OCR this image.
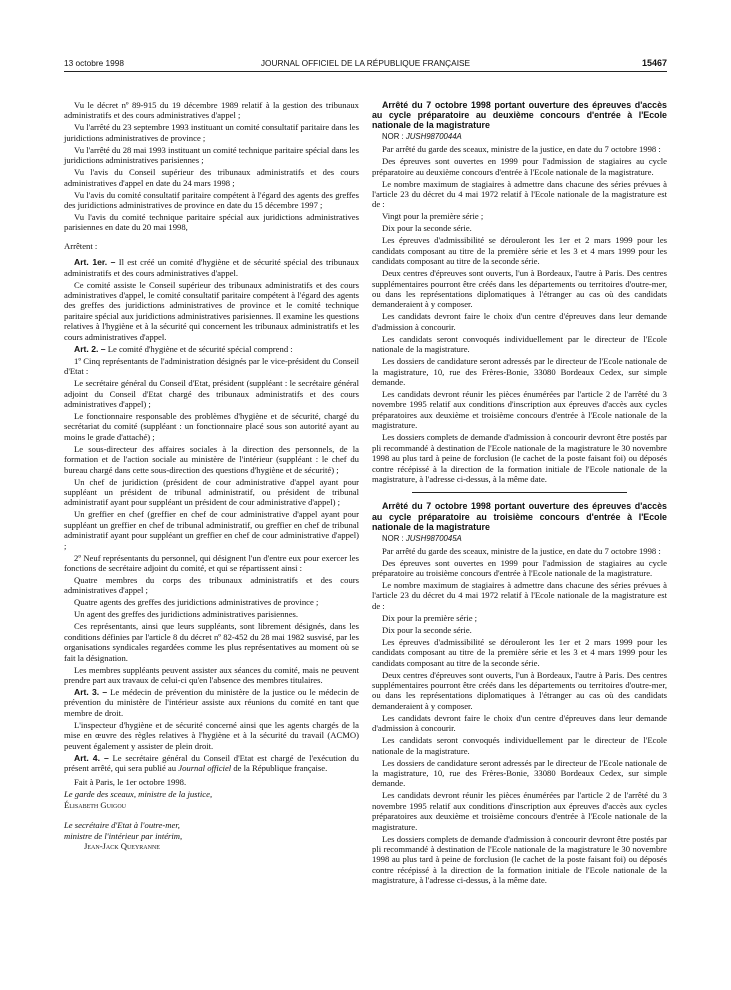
13 octobre 1998	JOURNAL OFFICIEL DE LA RÉPUBLIQUE FRANÇAISE	15467

Vu le décret nº 89-915 du 19 décembre 1989 relatif à la gestion des tribunaux administratifs et des cours administratives d'appel ;

Vu l'arrêté du 23 septembre 1993 instituant un comité consultatif paritaire dans les juridictions administratives de province ;

Vu l'arrêté du 28 mai 1993 instituant un comité technique paritaire spécial dans les juridictions administratives parisiennes ;

Vu l'avis du Conseil supérieur des tribunaux administratifs et des cours administratives d'appel en date du 24 mars 1998 ;

Vu l'avis du comité consultatif paritaire compétent à l'égard des agents des greffes des juridictions administratives de province en date du 15 décembre 1997 ;

Vu l'avis du comité technique paritaire spécial aux juridictions administratives parisiennes en date du 20 mai 1998,

Arrêtent :

Art. 1er. – Il est créé un comité d'hygiène et de sécurité spécial des tribunaux administratifs et des cours administratives d'appel.

Ce comité assiste le Conseil supérieur des tribunaux administratifs et des cours administratives d'appel, le comité consultatif paritaire compétent à l'égard des agents des greffes des juridictions administratives de province et le comité technique paritaire spécial aux juridictions administratives parisiennes. Il examine les questions relatives à l'hygiène et à la sécurité qui concernent les tribunaux administratifs et les cours administratives d'appel.

Art. 2. – Le comité d'hygiène et de sécurité spécial comprend :

1º Cinq représentants de l'administration désignés par le vice-président du Conseil d'Etat :

Le secrétaire général du Conseil d'Etat, président (suppléant : le secrétaire général adjoint du Conseil d'Etat chargé des tribunaux administratifs et des cours administratives d'appel) ;

Le fonctionnaire responsable des problèmes d'hygiène et de sécurité, chargé du secrétariat du comité (suppléant : un fonctionnaire placé sous son autorité ayant au moins le grade d'attaché) ;

Le sous-directeur des affaires sociales à la direction des personnels, de la formation et de l'action sociale au ministère de l'intérieur (suppléant : le chef du bureau chargé dans cette sous-direction des questions d'hygiène et de sécurité) ;

Un chef de juridiction (président de cour administrative d'appel ayant pour suppléant un président de tribunal administratif, ou président de tribunal administratif ayant pour suppléant un président de cour administrative d'appel) ;

Un greffier en chef (greffier en chef de cour administrative d'appel ayant pour suppléant un greffier en chef de tribunal administratif, ou greffier en chef de tribunal administratif ayant pour suppléant un greffier en chef de cour administrative d'appel) ;

2º Neuf représentants du personnel, qui désignent l'un d'entre eux pour exercer les fonctions de secrétaire adjoint du comité, et qui se répartissent ainsi :

Quatre membres du corps des tribunaux administratifs et des cours administratives d'appel ;

Quatre agents des greffes des juridictions administratives de province ;

Un agent des greffes des juridictions administratives parisiennes.

Ces représentants, ainsi que leurs suppléants, sont librement désignés, dans les conditions définies par l'article 8 du décret nº 82-452 du 28 mai 1982 susvisé, par les organisations syndicales regardées comme les plus représentatives au moment où se fait la désignation.

Les membres suppléants peuvent assister aux séances du comité, mais ne peuvent prendre part aux travaux de celui-ci qu'en l'absence des membres titulaires.

Art. 3. – Le médecin de prévention du ministère de la justice ou le médecin de prévention du ministère de l'intérieur assiste aux réunions du comité en tant que membre de droit.

L'inspecteur d'hygiène et de sécurité concerné ainsi que les agents chargés de la mise en œuvre des règles relatives à l'hygiène et à la sécurité du travail (ACMO) peuvent également y assister de plein droit.

Art. 4. – Le secrétaire général du Conseil d'Etat est chargé de l'exécution du présent arrêté, qui sera publié au Journal officiel de la République française.

Fait à Paris, le 1er octobre 1998.

Le garde des sceaux, ministre de la justice,

Élisabeth Guigou

Le secrétaire d'Etat à l'outre-mer,

ministre de l'intérieur par intérim,

Jean-Jack Queyranne

Arrêté du 7 octobre 1998 portant ouverture des épreuves d'accès au cycle préparatoire au deuxième concours d'entrée à l'Ecole nationale de la magistrature

NOR : JUSH9870044A

Par arrêté du garde des sceaux, ministre de la justice, en date du 7 octobre 1998 :

Des épreuves sont ouvertes en 1999 pour l'admission de stagiaires au cycle préparatoire au deuxième concours d'entrée à l'Ecole nationale de la magistrature.

Le nombre maximum de stagiaires à admettre dans chacune des séries prévues à l'article 23 du décret du 4 mai 1972 relatif à l'Ecole nationale de la magistrature est de :

Vingt pour la première série ;

Dix pour la seconde série.

Les épreuves d'admissibilité se dérouleront les 1er et 2 mars 1999 pour les candidats composant au titre de la première série et les 3 et 4 mars 1999 pour les candidats composant au titre de la seconde série.

Deux centres d'épreuves sont ouverts, l'un à Bordeaux, l'autre à Paris. Des centres supplémentaires pourront être créés dans les départements ou territoires d'outre-mer, ou dans les représentations diplomatiques à l'étranger au cas où des candidats demanderaient à y composer.

Les candidats devront faire le choix d'un centre d'épreuves dans leur demande d'admission à concourir.

Les candidats seront convoqués individuellement par le directeur de l'Ecole nationale de la magistrature.

Les dossiers de candidature seront adressés par le directeur de l'Ecole nationale de la magistrature, 10, rue des Frères-Bonie, 33080 Bordeaux Cedex, sur simple demande.

Les candidats devront réunir les pièces énumérées par l'article 2 de l'arrêté du 3 novembre 1995 relatif aux conditions d'inscription aux épreuves d'accès aux cycles préparatoires aux deuxième et troisième concours d'entrée à l'Ecole nationale de la magistrature.

Les dossiers complets de demande d'admission à concourir devront être postés par pli recommandé à destination de l'Ecole nationale de la magistrature le 30 novembre 1998 au plus tard à peine de forclusion (le cachet de la poste faisant foi) ou déposés contre récépissé à la direction de la formation initiale de l'Ecole nationale de la magistrature, à l'adresse ci-dessus, à la même date.

Arrêté du 7 octobre 1998 portant ouverture des épreuves d'accès au cycle préparatoire au troisième concours d'entrée à l'Ecole nationale de la magistrature

NOR : JUSH9870045A

Par arrêté du garde des sceaux, ministre de la justice, en date du 7 octobre 1998 :

Des épreuves sont ouvertes en 1999 pour l'admission de stagiaires au cycle préparatoire au troisième concours d'entrée à l'Ecole nationale de la magistrature.

Le nombre maximum de stagiaires à admettre dans chacune des séries prévues à l'article 23 du décret du 4 mai 1972 relatif à l'Ecole nationale de la magistrature est de :

Dix pour la première série ;

Dix pour la seconde série.

Les épreuves d'admissibilité se dérouleront les 1er et 2 mars 1999 pour les candidats composant au titre de la première série et les 3 et 4 mars 1999 pour les candidats composant au titre de la seconde série.

Deux centres d'épreuves sont ouverts, l'un à Bordeaux, l'autre à Paris. Des centres supplémentaires pourront être créés dans les départements ou territoires d'outre-mer, ou dans les représentations diplomatiques à l'étranger au cas où des candidats demanderaient à y composer.

Les candidats devront faire le choix d'un centre d'épreuves dans leur demande d'admission à concourir.

Les candidats seront convoqués individuellement par le directeur de l'Ecole nationale de la magistrature.

Les dossiers de candidature seront adressés par le directeur de l'Ecole nationale de la magistrature, 10, rue des Frères-Bonie, 33080 Bordeaux Cedex, sur simple demande.

Les candidats devront réunir les pièces énumérées par l'article 2 de l'arrêté du 3 novembre 1995 relatif aux conditions d'inscription aux épreuves d'accès aux cycles préparatoires aux deuxième et troisième concours d'entrée à l'Ecole nationale de la magistrature.

Les dossiers complets de demande d'admission à concourir devront être postés par pli recommandé à destination de l'Ecole nationale de la magistrature le 30 novembre 1998 au plus tard à peine de forclusion (le cachet de la poste faisant foi) ou déposés contre récépissé à la direction de la formation initiale de l'Ecole nationale de la magistrature, à l'adresse ci-dessus, à la même date.
